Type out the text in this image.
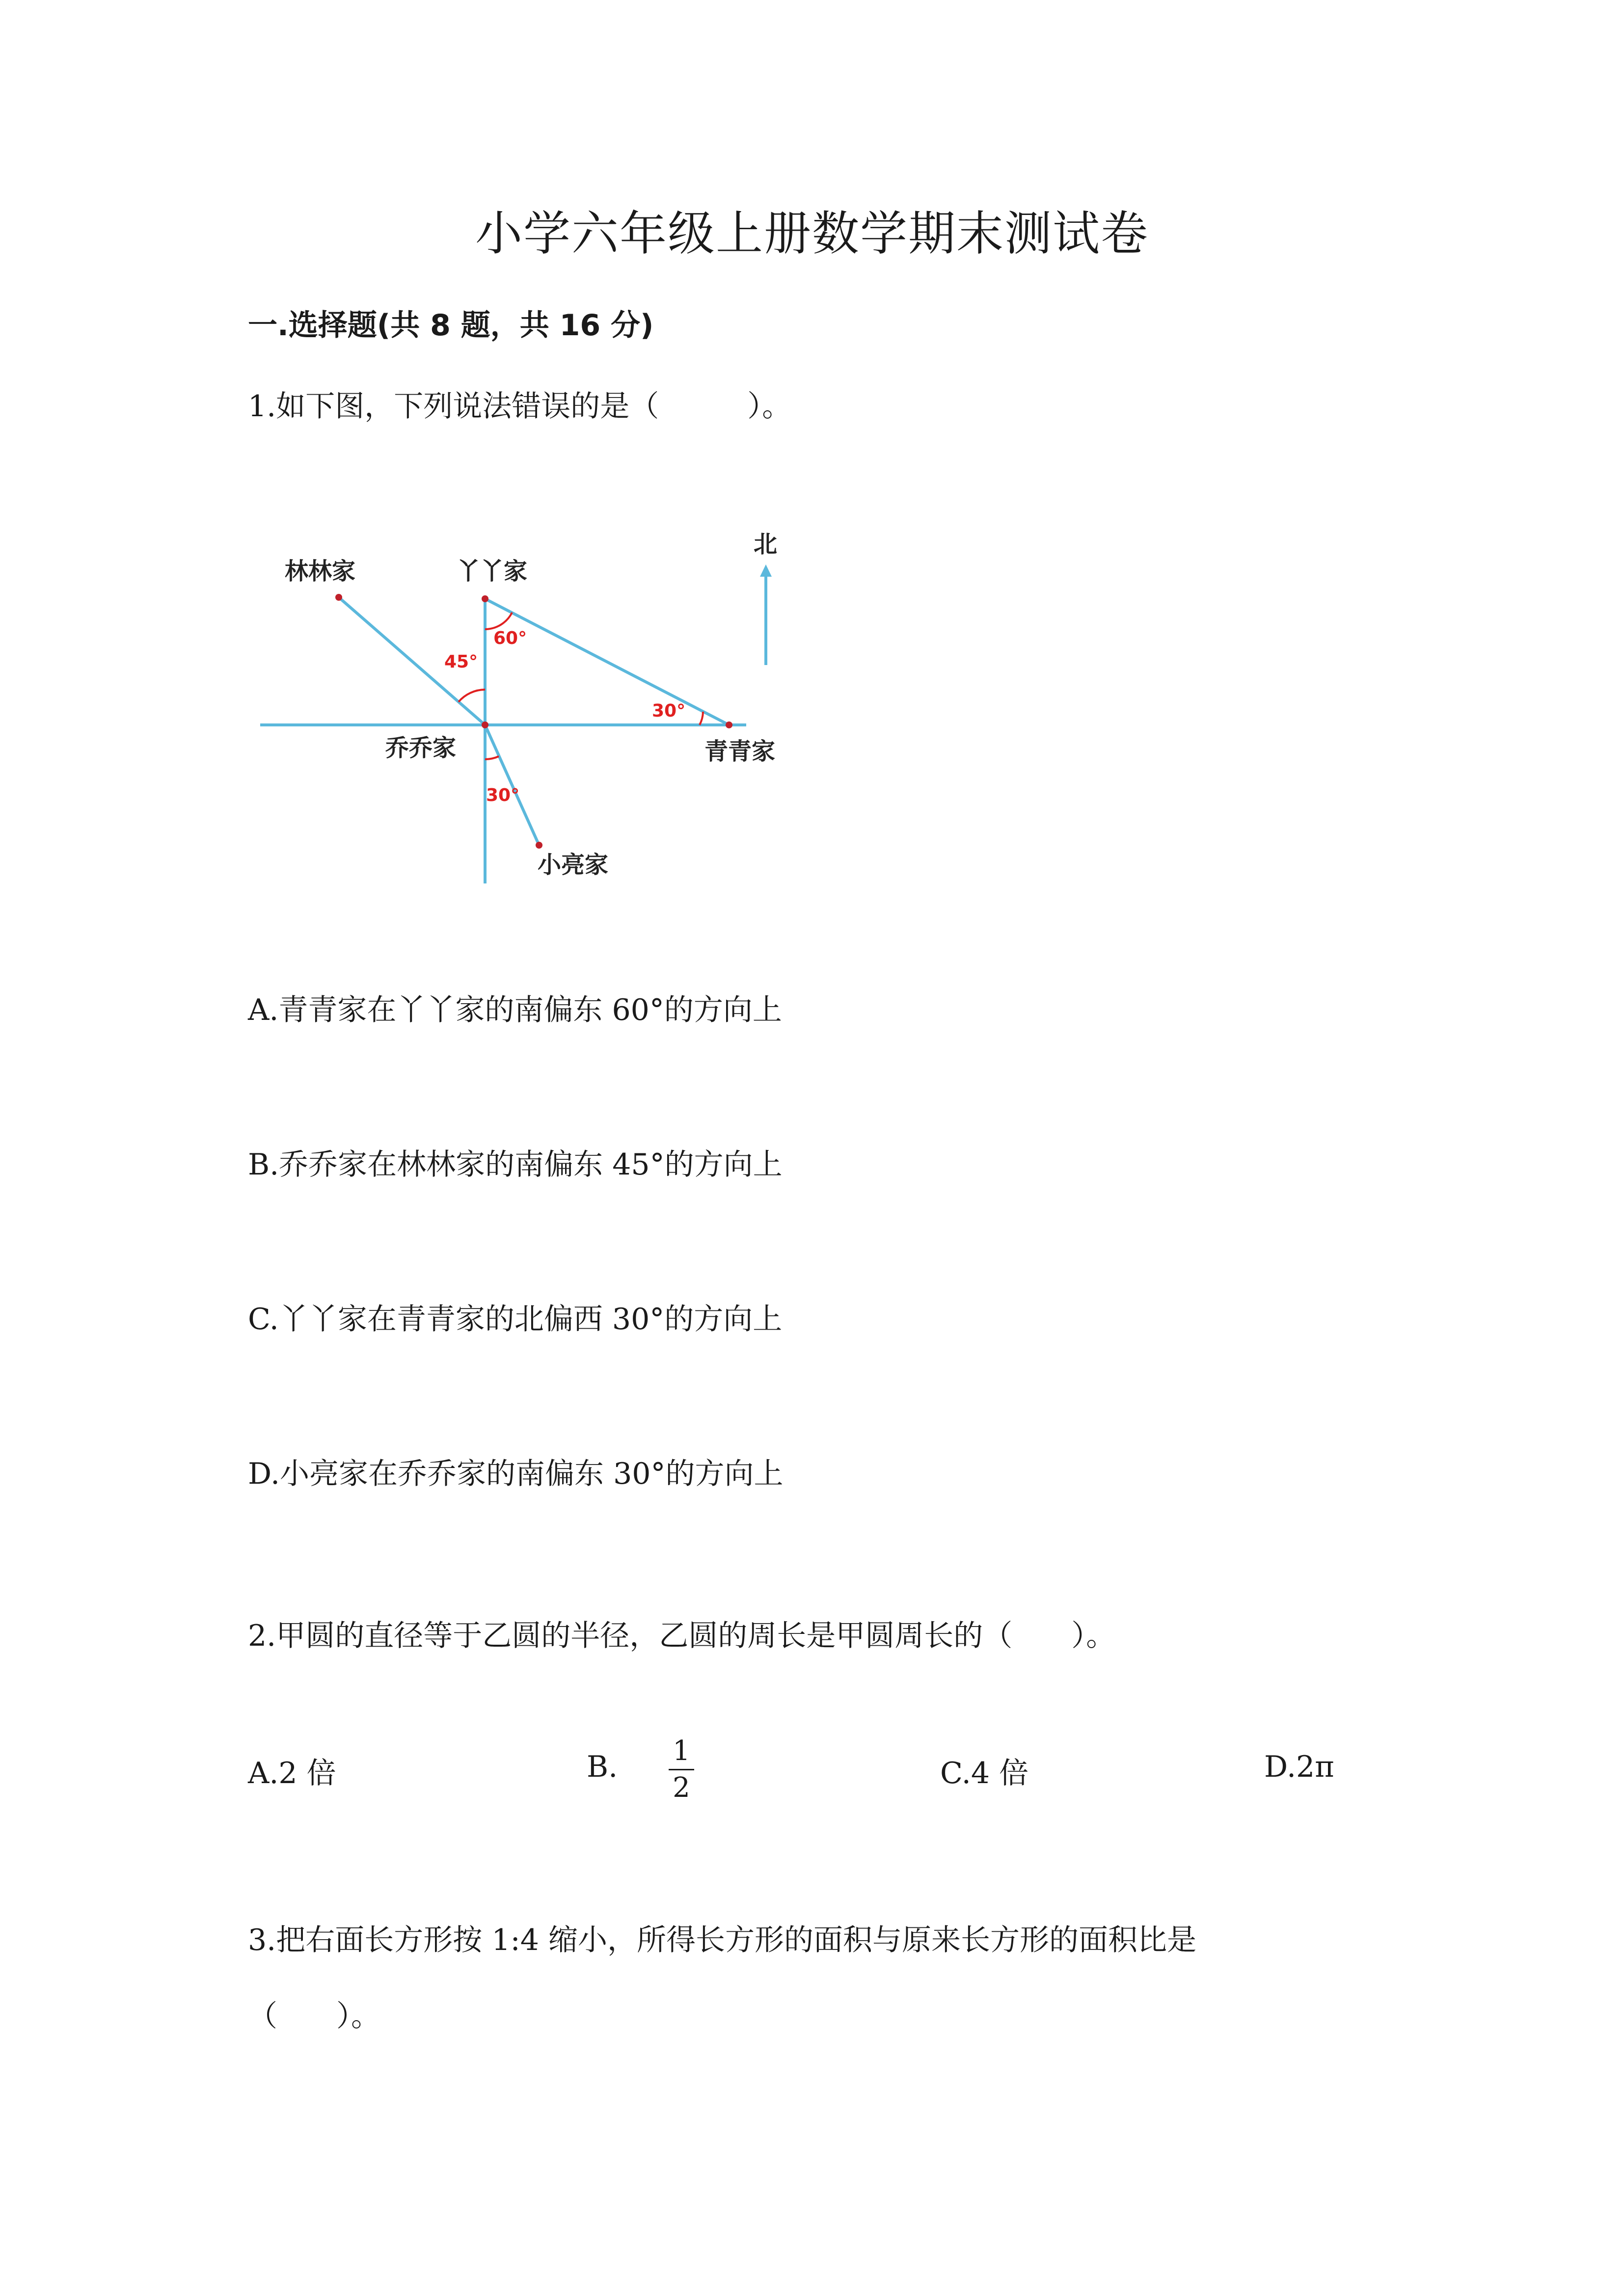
小学六年级上册数学期末测试卷
一.选择题(共 8 题，共 16 分)

1.如下图，下列说法错误的是（　　　）。

林林家	丫丫家
北
乔乔家	青青家
小亮家
60°
45°
30°
30°

A.青青家在丫丫家的南偏东 60°的方向上

B.乔乔家在林林家的南偏东 45°的方向上

C.丫丫家在青青家的北偏西 30°的方向上

D.小亮家在乔乔家的南偏东 30°的方向上

2.甲圆的直径等于乙圆的半径，乙圆的周长是甲圆周长的（　　）。

A.2 倍	B. 1
2	C.4 倍	D.2π

3.把右面长方形按 1:4 缩小，所得长方形的面积与原来长方形的面积比是

（　　）。
